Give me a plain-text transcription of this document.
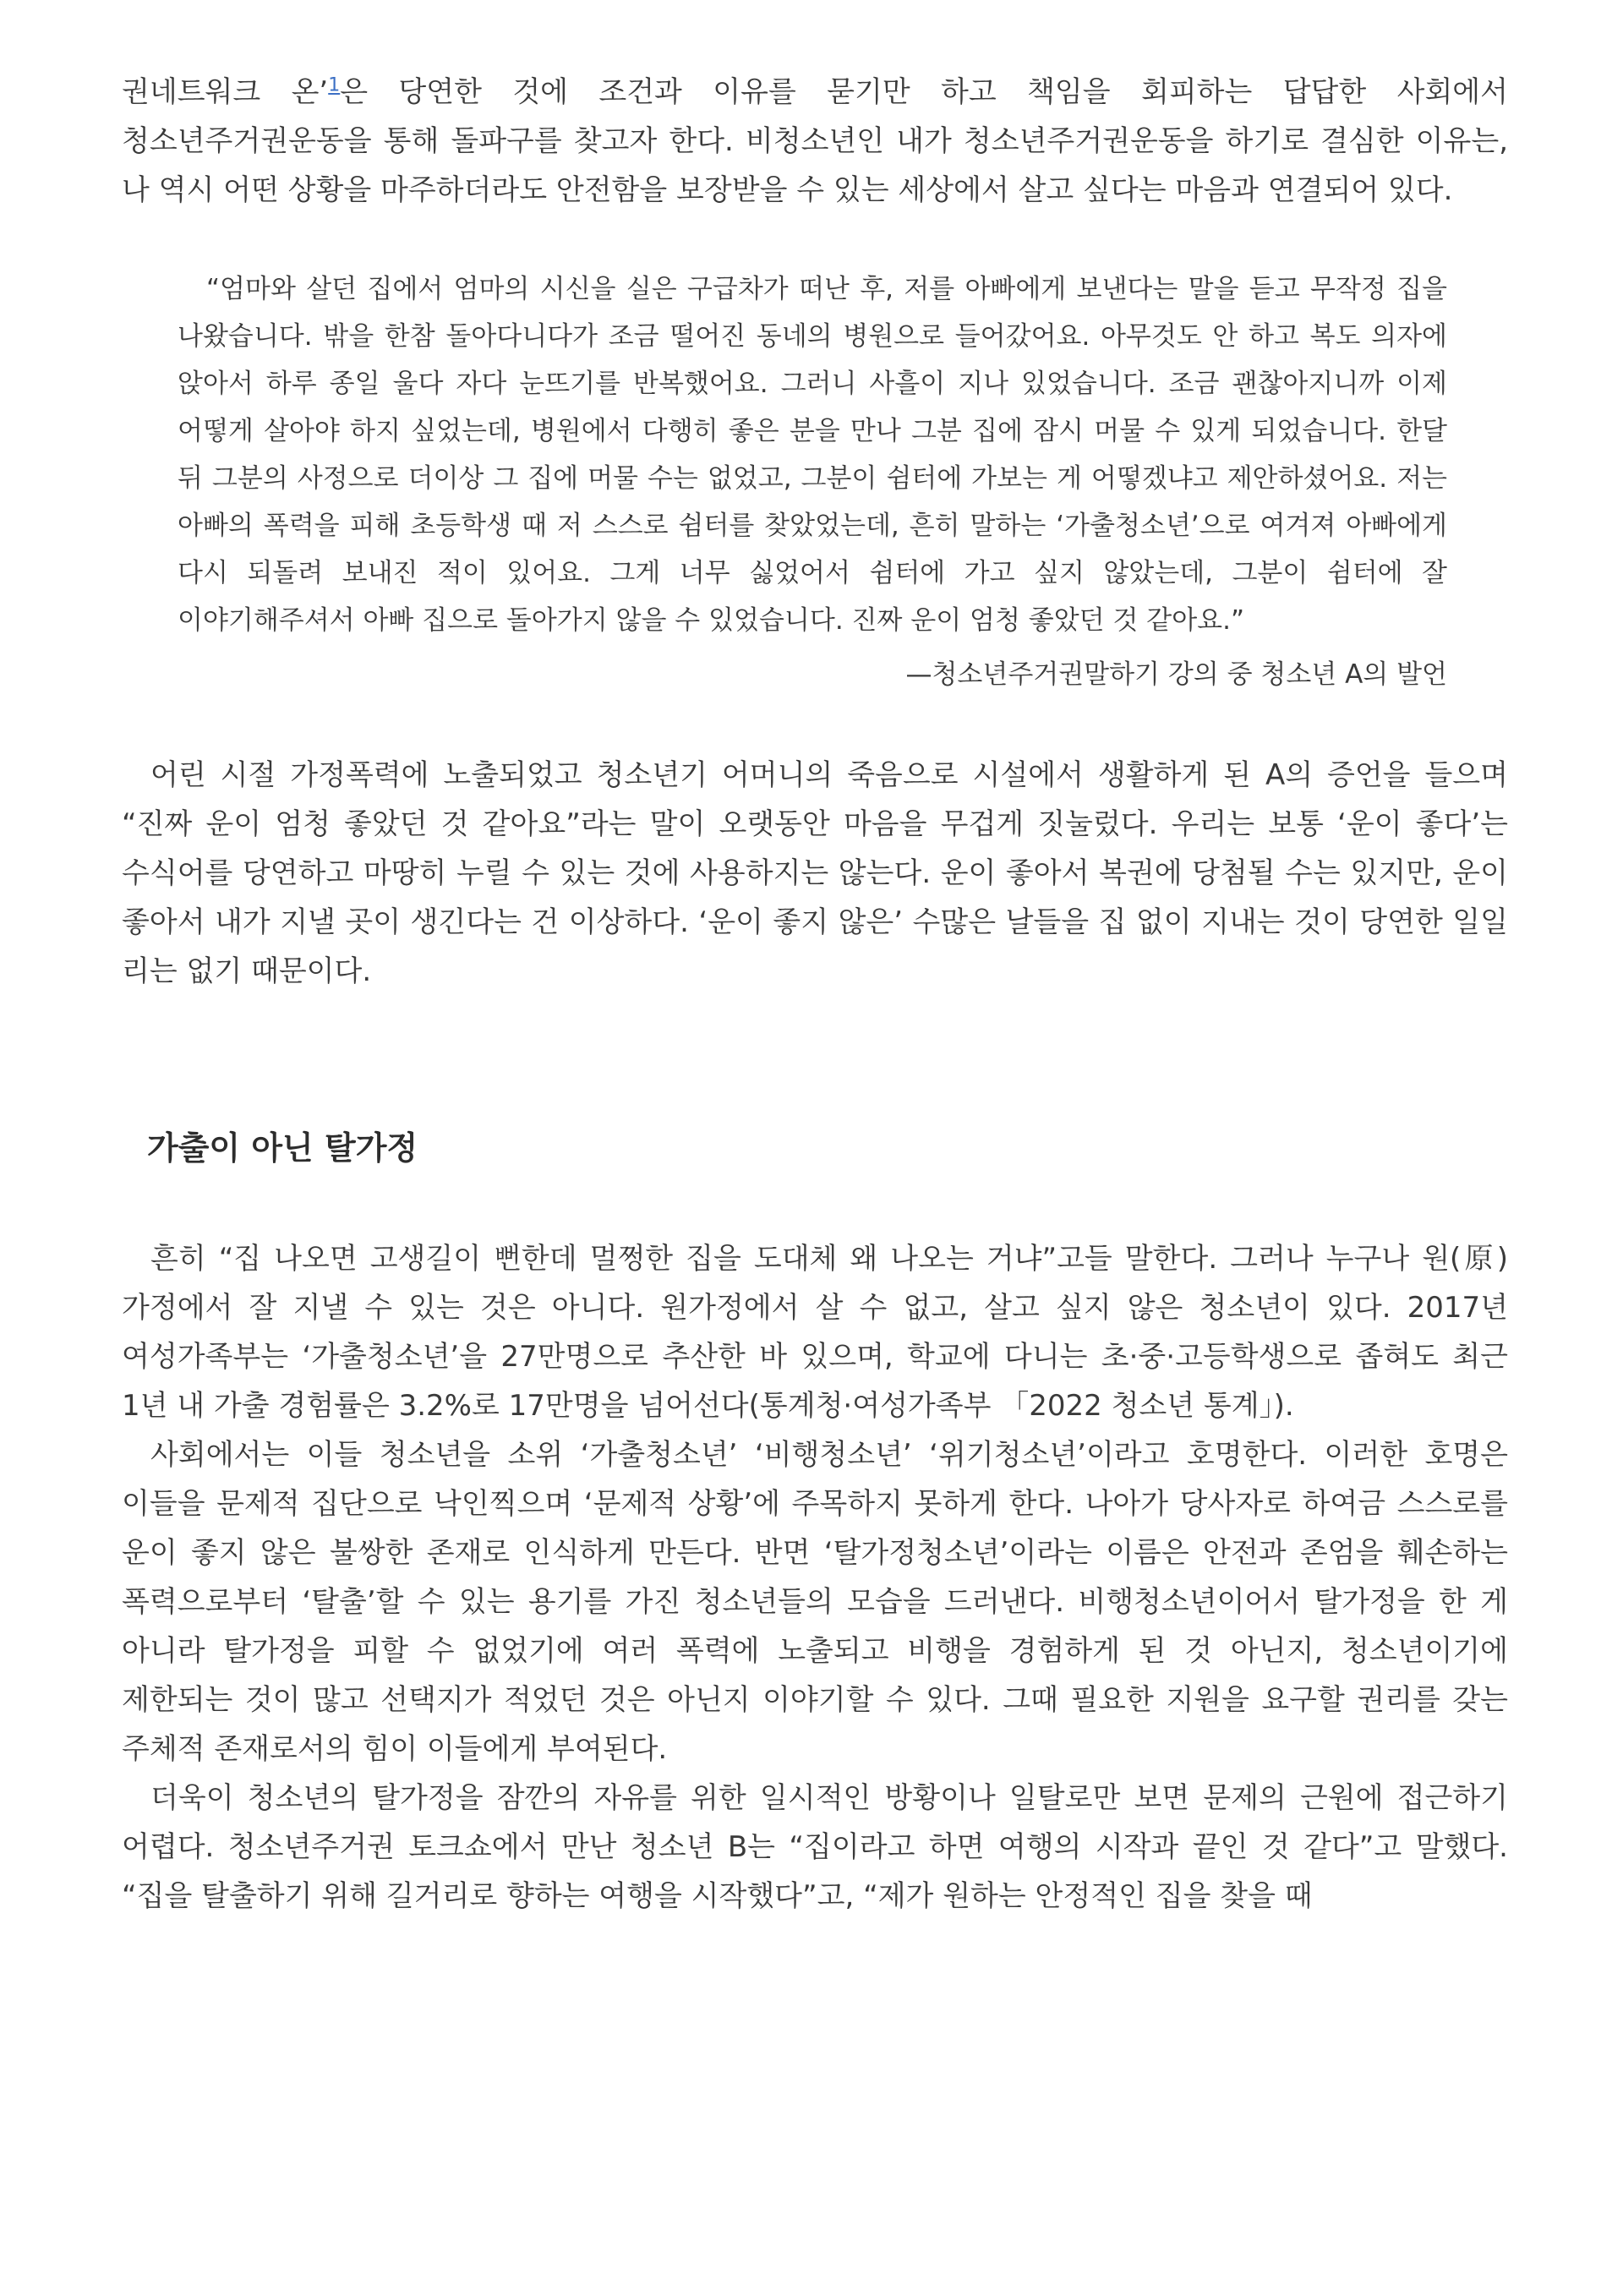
권네트워크 온’$^1$은 당연한 것에 조건과 이유를 묻기만 하고 책임을 회피하는 답답한 사회에서 청소년주거권운동을 통해 돌파구를 찾고자 한다. 비청소년인 내가 청소년주거권운동을 하기로 결심한 이유는, 나 역시 어떤 상황을 마주하더라도 안전함을 보장받을 수 있는 세상에서 살고 싶다는 마음과 연결되어 있다.

“엄마와 살던 집에서 엄마의 시신을 실은 구급차가 떠난 후, 저를 아빠에게 보낸다는 말을 듣고 무작정 집을 나왔습니다. 밖을 한참 돌아다니다가 조금 떨어진 동네의 병원으로 들어갔어요. 아무것도 안 하고 복도 의자에 앉아서 하루 종일 울다 자다 눈뜨기를 반복했어요. 그러니 사흘이 지나 있었습니다. 조금 괜찮아지니까 이제 어떻게 살아야 하지 싶었는데, 병원에서 다행히 좋은 분을 만나 그분 집에 잠시 머물 수 있게 되었습니다. 한달 뒤 그분의 사정으로 더이상 그 집에 머물 수는 없었고, 그분이 쉼터에 가보는 게 어떻겠냐고 제안하셨어요. 저는 아빠의 폭력을 피해 초등학생 때 저 스스로 쉼터를 찾았었는데, 흔히 말하는 ‘가출청소년’으로 여겨져 아빠에게 다시 되돌려 보내진 적이 있어요. 그게 너무 싫었어서 쉼터에 가고 싶지 않았는데, 그분이 쉼터에 잘 이야기해주셔서 아빠 집으로 돌아가지 않을 수 있었습니다. 진짜 운이 엄청 좋았던 것 같아요.”

—청소년주거권말하기 강의 중 청소년 A의 발언

어린 시절 가정폭력에 노출되었고 청소년기 어머니의 죽음으로 시설에서 생활하게 된 A의 증언을 들으며 “진짜 운이 엄청 좋았던 것 같아요”라는 말이 오랫동안 마음을 무겁게 짓눌렀다. 우리는 보통 ‘운이 좋다’는 수식어를 당연하고 마땅히 누릴 수 있는 것에 사용하지는 않는다. 운이 좋아서 복권에 당첨될 수는 있지만, 운이 좋아서 내가 지낼 곳이 생긴다는 건 이상하다. ‘운이 좋지 않은’ 수많은 날들을 집 없이 지내는 것이 당연한 일일 리는 없기 때문이다.

가출이 아닌 탈가정

흔히 “집 나오면 고생길이 뻔한데 멀쩡한 집을 도대체 왜 나오는 거냐”고들 말한다. 그러나 누구나 원(原)가정에서 잘 지낼 수 있는 것은 아니다. 원가정에서 살 수 없고, 살고 싶지 않은 청소년이 있다. 2017년 여성가족부는 ‘가출청소년’을 27만명으로 추산한 바 있으며, 학교에 다니는 초·중·고등학생으로 좁혀도 최근 1년 내 가출 경험률은 3.2%로 17만명을 넘어선다(통계청·여성가족부 「2022 청소년 통계」).

사회에서는 이들 청소년을 소위 ‘가출청소년’ ‘비행청소년’ ‘위기청소년’이라고 호명한다. 이러한 호명은 이들을 문제적 집단으로 낙인찍으며 ‘문제적 상황’에 주목하지 못하게 한다. 나아가 당사자로 하여금 스스로를 운이 좋지 않은 불쌍한 존재로 인식하게 만든다. 반면 ‘탈가정청소년’이라는 이름은 안전과 존엄을 훼손하는 폭력으로부터 ‘탈출’할 수 있는 용기를 가진 청소년들의 모습을 드러낸다. 비행청소년이어서 탈가정을 한 게 아니라 탈가정을 피할 수 없었기에 여러 폭력에 노출되고 비행을 경험하게 된 것 아닌지, 청소년이기에 제한되는 것이 많고 선택지가 적었던 것은 아닌지 이야기할 수 있다. 그때 필요한 지원을 요구할 권리를 갖는 주체적 존재로서의 힘이 이들에게 부여된다.

더욱이 청소년의 탈가정을 잠깐의 자유를 위한 일시적인 방황이나 일탈로만 보면 문제의 근원에 접근하기 어렵다. 청소년주거권 토크쇼에서 만난 청소년 B는 “집이라고 하면 여행의 시작과 끝인 것 같다”고 말했다. “집을 탈출하기 위해 길거리로 향하는 여행을 시작했다”고, “제가 원하는 안정적인 집을 찾을 때
